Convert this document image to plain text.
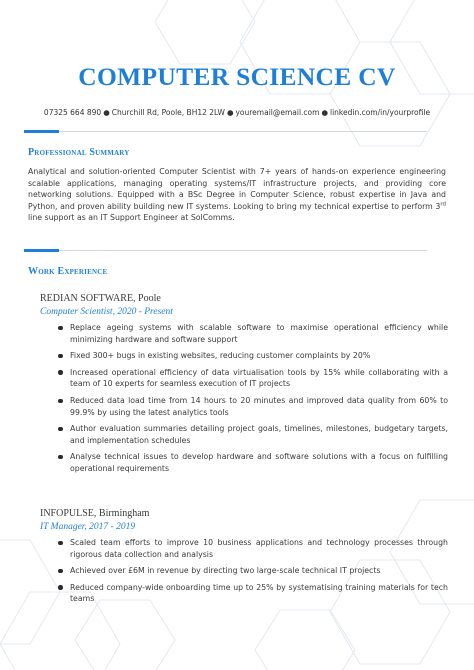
COMPUTER SCIENCE CV
07325 664 890 ● Churchill Rd, Poole, BH12 2LW ● youremail@email.com ● linkedin.com/in/yourprofile
Professional Summary
Analytical and solution-oriented Computer Scientist with 7+ years of hands-on experience engineering scalable applications, managing operating systems/IT infrastructure projects, and providing core networking solutions. Equipped with a BSc Degree in Computer Science, robust expertise in Java and Python, and proven ability building new IT systems. Looking to bring my technical expertise to perform 3rd line support as an IT Support Engineer at SolComms.
Work Experience
REDIAN SOFTWARE, Poole
Computer Scientist, 2020 - Present
Replace ageing systems with scalable software to maximise operational efficiency while minimizing hardware and software support
Fixed 300+ bugs in existing websites, reducing customer complaints by 20%
Increased operational efficiency of data virtualisation tools by 15% while collaborating with a team of 10 experts for seamless execution of IT projects
Reduced data load time from 14 hours to 20 minutes and improved data quality from 60% to 99.9% by using the latest analytics tools
Author evaluation summaries detailing project goals, timelines, milestones, budgetary targets, and implementation schedules
Analyse technical issues to develop hardware and software solutions with a focus on fulfilling operational requirements
INFOPULSE, Birmingham
IT Manager, 2017 - 2019
Scaled team efforts to improve 10 business applications and technology processes through rigorous data collection and analysis
Achieved over £6M in revenue by directing two large-scale technical IT projects
Reduced company-wide onboarding time up to 25% by systematising training materials for tech teams
